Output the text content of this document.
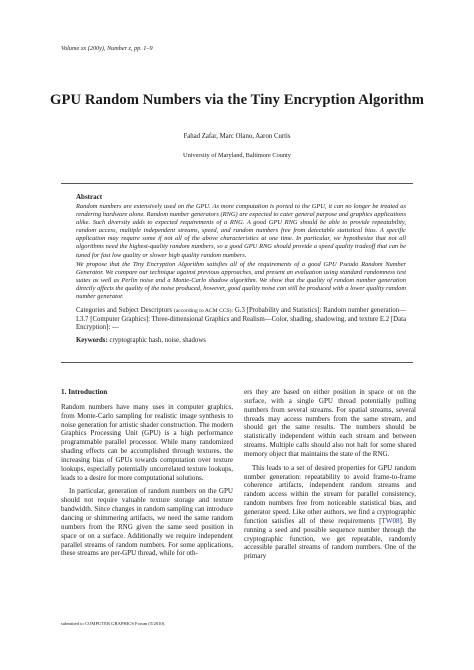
Volume xx (200y), Number z, pp. 1–9
GPU Random Numbers via the Tiny Encryption Algorithm
Fahad Zafar, Marc Olano, Aaron Curtis
University of Maryland, Baltimore County

Abstract

Random numbers are extensively used on the GPU. As more computation is ported to the GPU, it can no longer be treated as rendering hardware alone. Random number generators (RNG) are expected to cater general purpose and graphics applications alike. Such diversity adds to expected requirements of a RNG. A good GPU RNG should be able to provide repeatability, random access, multiple independent streams, speed, and random numbers free from detectable statistical bias. A specific application may require some if not all of the above characteristics at one time. In particular, we hypothesize that not all algorithms need the highest-quality random numbers, so a good GPU RNG should provide a speed quality tradeoff that can be tuned for fast low quality or slower high quality random numbers.

We propose that the Tiny Encryption Algorithm satisfies all of the requirements of a good GPU Pseudo Random Number Generator. We compare our technique against previous approaches, and present an evaluation using standard randomness test suites as well as Perlin noise and a Monte-Carlo shadow algorithm. We show that the quality of random number generation directly affects the quality of the noise produced, however, good quality noise can still be produced with a lower quality random number generator.

Categories and Subject Descriptors (according to ACM CCS): G.3 [Probability and Statistics]: Random number generation— I.3.7 [Computer Graphics]: Three-dimensional Graphics and Realism—Color, shading, shadowing, and texture E.2 [Data Encryption]: —
Keywords: cryptographic hash, noise, shadows

1. Introduction

Random numbers have many uses in computer graphics, from Monte-Carlo sampling for realistic image synthesis to noise generation for artistic shader construction. The modern Graphics Processing Unit (GPU) is a high performance programmable parallel processor. While many randomized shading effects can be accomplished through textures, the increasing bias of GPUs towards computation over texture lookups, especially potentially uncorrelated texture lookups, leads to a desire for more computational solutions.

In particular, generation of random numbers on the GPU should not require valuable texture storage and texture bandwidth. Since changes in random sampling can introduce dancing or shimmering artifacts, we need the same random numbers from the RNG given the same seed position in space or on a surface. Additionally we require independent parallel streams of random numbers. For some applications, these streams are per-GPU thread, while for oth-

ers they are based on either position in space or on the surface, with a single GPU thread potentially pulling numbers from several streams. For spatial streams, several threads may access numbers from the same stream, and should get the same results. The numbers should be statistically independent within each stream and between streams. Multiple calls should also not halt for some shared memory object that maintains the state of the RNG.

This leads to a set of desired properties for GPU random number generation: repeatability to avoid frame-to-frame coherence artifacts, independent random streams and random access within the stream for parallel consistency, random numbers free from noticeable statistical bias, and generator speed. Like other authors, we find a cryptographic function satisfies all of these requirements [TW08]. By running a seed and possible sequence number through the cryptographic function, we get repeatable, randomly accessible parallel streams of random numbers. One of the primary

submitted to COMPUTER GRAPHICS Forum (5/2010).
